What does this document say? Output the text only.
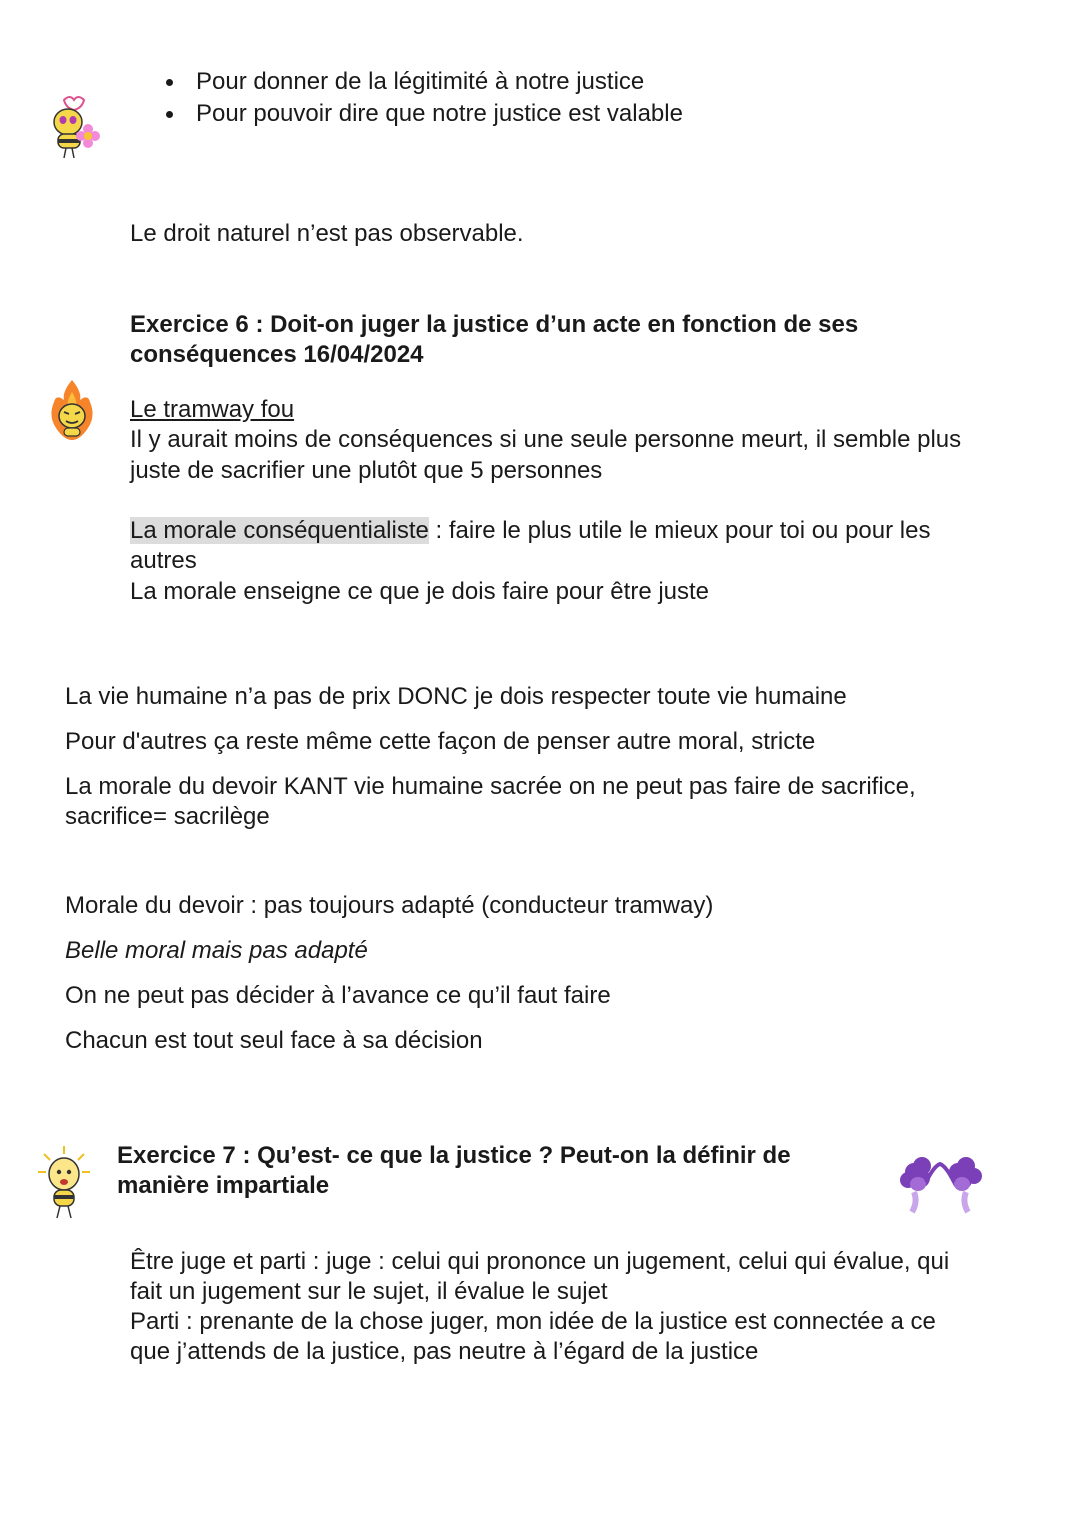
Pour donner de la légitimité à notre justice
Pour pouvoir dire que notre justice est valable
Le droit naturel n’est pas observable.
Exercice 6 : Doit-on juger la justice d’un acte en fonction de ses
conséquences 16/04/2024
Le tramway fou
Il y aurait moins de conséquences si une seule personne meurt, il semble plus
juste de sacrifier une plutôt que 5 personnes
La morale conséquentialiste : faire le plus utile le mieux pour toi ou pour les
autres
La morale enseigne ce que je dois faire pour être juste
La vie humaine n’a pas de prix DONC je dois respecter toute vie humaine
Pour d'autres ça reste même cette façon de penser autre moral, stricte
La morale du devoir KANT vie humaine sacrée on ne peut pas faire de sacrifice,
sacrifice= sacrilège
Morale du devoir : pas toujours adapté (conducteur tramway)
Belle moral mais pas adapté
On ne peut pas décider à l’avance ce qu’il faut faire
Chacun est tout seul face à sa décision
Exercice 7 : Qu’est- ce que la justice ? Peut-on la définir de
manière impartiale
Être juge et parti : juge : celui qui prononce un jugement, celui qui évalue, qui
fait un jugement sur le sujet, il évalue le sujet
Parti : prenante de la chose juger, mon idée de la justice est connectée a ce
que j’attends de la justice, pas neutre à l’égard de la justice
